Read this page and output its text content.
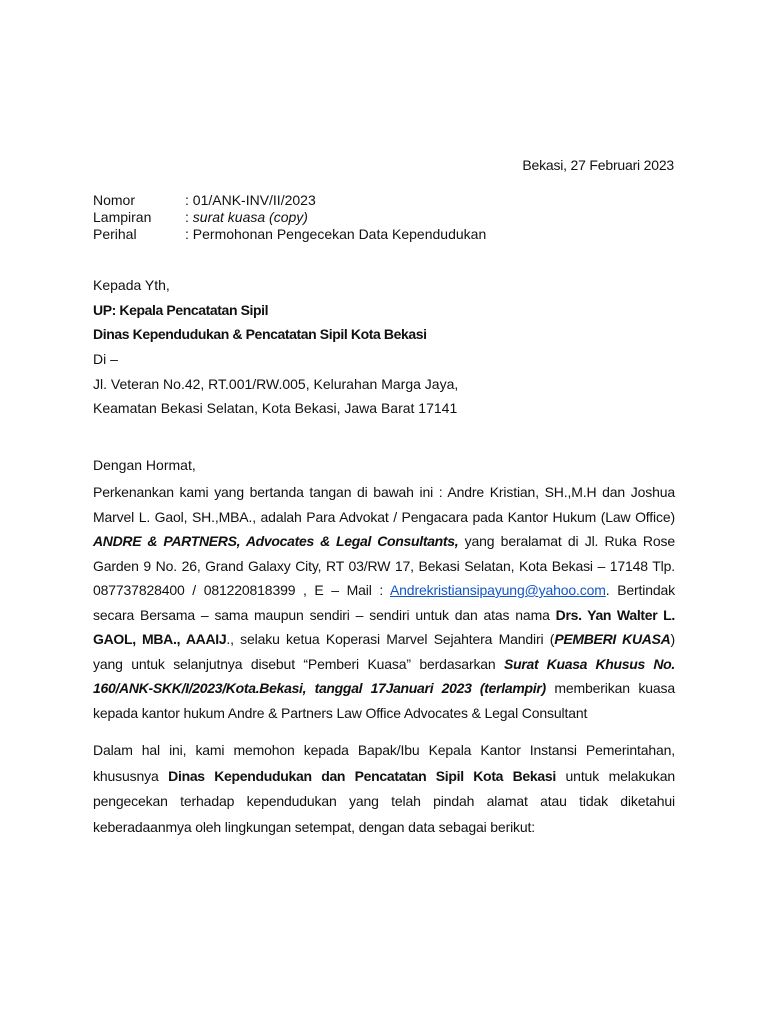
Bekasi, 27 Februari 2023
Nomor	: 01/ANK-INV/II/2023
Lampiran	: surat kuasa (copy)
Perihal	: Permohonan Pengecekan Data Kependudukan
Kepada Yth,
UP: Kepala Pencatatan Sipil
Dinas Kependudukan & Pencatatan Sipil Kota Bekasi
Di –
Jl. Veteran No.42, RT.001/RW.005, Kelurahan Marga Jaya,
Keamatan Bekasi Selatan, Kota Bekasi, Jawa Barat 17141
Dengan Hormat,
Perkenankan kami yang bertanda tangan di bawah ini : Andre Kristian, SH.,M.H dan Joshua Marvel L. Gaol, SH.,MBA., adalah Para Advokat / Pengacara pada Kantor Hukum (Law Office) ANDRE & PARTNERS, Advocates & Legal Consultants, yang beralamat di Jl. Ruka Rose Garden 9 No. 26, Grand Galaxy City, RT 03/RW 17, Bekasi Selatan, Kota Bekasi – 17148 Tlp. 087737828400 / 081220818399 , E – Mail : Andrekristiansipayung@yahoo.com. Bertindak secara Bersama – sama maupun sendiri – sendiri untuk dan atas nama Drs. Yan Walter L. GAOL, MBA., AAAIJ., selaku ketua Koperasi Marvel Sejahtera Mandiri (PEMBERI KUASA) yang untuk selanjutnya disebut “Pemberi Kuasa” berdasarkan Surat Kuasa Khusus No. 160/ANK-SKK/I/2023/Kota.Bekasi, tanggal 17Januari 2023 (terlampir) memberikan kuasa kepada kantor hukum Andre & Partners Law Office Advocates & Legal Consultant
Dalam hal ini, kami memohon kepada Bapak/Ibu Kepala Kantor Instansi Pemerintahan, khususnya Dinas Kependudukan dan Pencatatan Sipil Kota Bekasi untuk melakukan pengecekan terhadap kependudukan yang telah pindah alamat atau tidak diketahui keberadaanmya oleh lingkungan setempat, dengan data sebagai berikut:
